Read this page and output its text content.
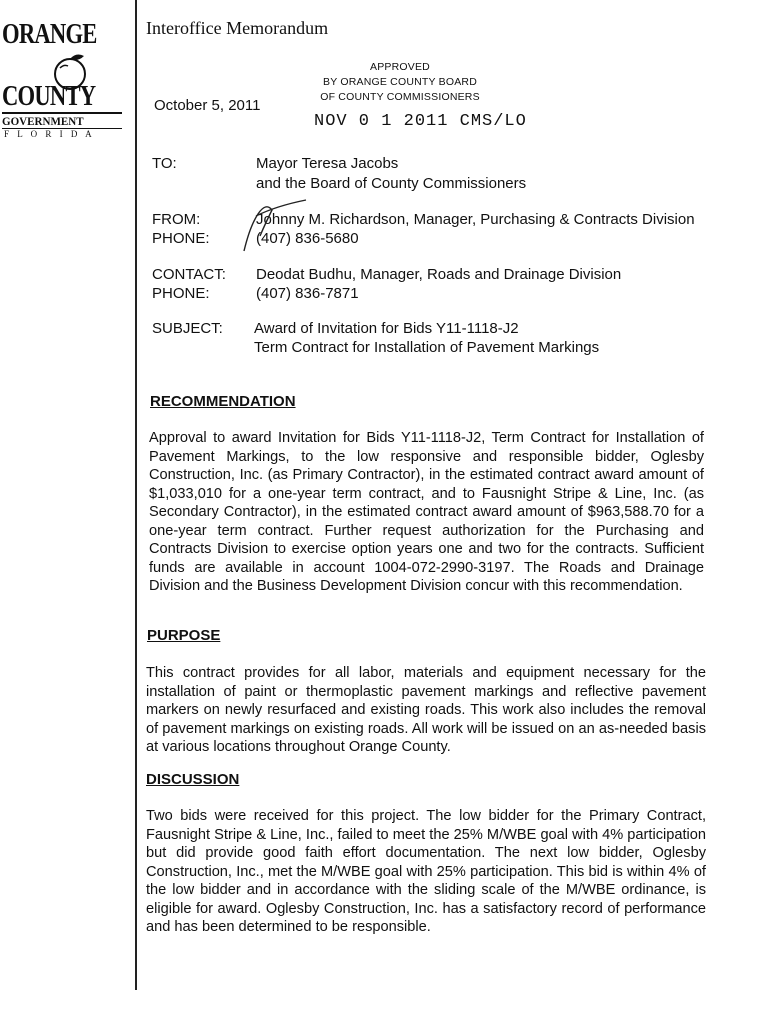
ORANGE
COUNTY
GOVERNMENT
F L O R I D A
Interoffice Memorandum
APPROVED
BY ORANGE COUNTY BOARD
OF COUNTY COMMISSIONERS
NOV 0 1 2011 CMS/LO
October 5, 2011
TO:	Mayor Teresa Jacobs
and the Board of County Commissioners
FROM:	Johnny M. Richardson, Manager, Purchasing & Contracts Division
PHONE:	(407) 836-5680
CONTACT: Deodat Budhu, Manager, Roads and Drainage Division
PHONE:	(407) 836-7871
SUBJECT: Award of Invitation for Bids Y11-1118-J2
Term Contract for Installation of Pavement Markings
RECOMMENDATION
Approval to award Invitation for Bids Y11-1118-J2, Term Contract for Installation of Pavement Markings, to the low responsive and responsible bidder, Oglesby Construction, Inc. (as Primary Contractor), in the estimated contract award amount of $1,033,010 for a one-year term contract, and to Fausnight Stripe & Line, Inc. (as Secondary Contractor), in the estimated contract award amount of $963,588.70 for a one-year term contract. Further request authorization for the Purchasing and Contracts Division to exercise option years one and two for the contracts. Sufficient funds are available in account 1004-072-2990-3197. The Roads and Drainage Division and the Business Development Division concur with this recommendation.
PURPOSE
This contract provides for all labor, materials and equipment necessary for the installation of paint or thermoplastic pavement markings and reflective pavement markers on newly resurfaced and existing roads. This work also includes the removal of pavement markings on existing roads. All work will be issued on an as-needed basis at various locations throughout Orange County.
DISCUSSION
Two bids were received for this project. The low bidder for the Primary Contract, Fausnight Stripe & Line, Inc., failed to meet the 25% M/WBE goal with 4% participation but did provide good faith effort documentation. The next low bidder, Oglesby Construction, Inc., met the M/WBE goal with 25% participation. This bid is within 4% of the low bidder and in accordance with the sliding scale of the M/WBE ordinance, is eligible for award. Oglesby Construction, Inc. has a satisfactory record of performance and has been determined to be responsible.
